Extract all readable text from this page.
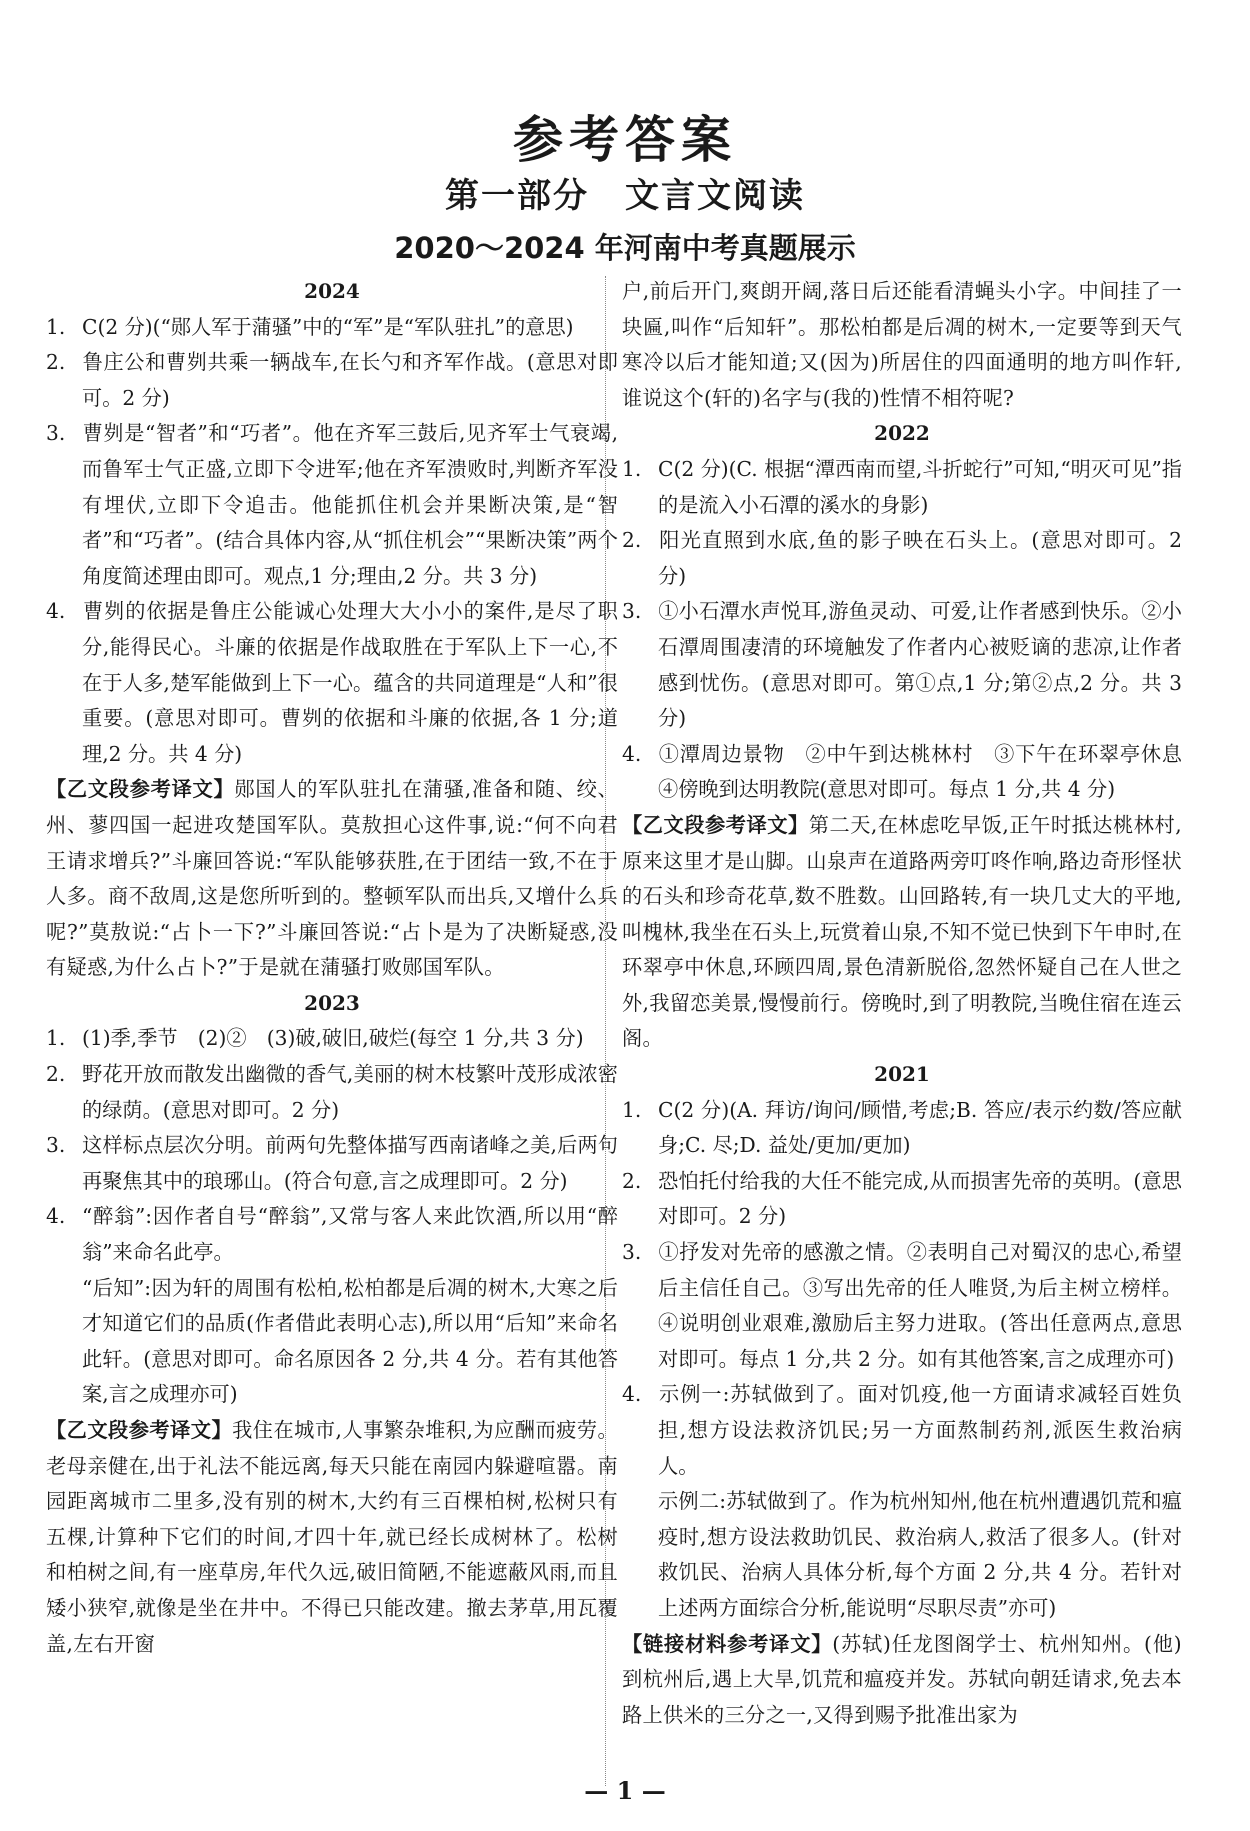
参考答案
第一部分　文言文阅读
2020～2024 年河南中考真题展示
2024
1. C(2 分)(“郧人军于蒲骚”中的“军”是“军队驻扎”的意思)
2. 鲁庄公和曹刿共乘一辆战车,在长勺和齐军作战。(意思对即可。2 分)
3. 曹刿是“智者”和“巧者”。他在齐军三鼓后,见齐军士气衰竭,而鲁军士气正盛,立即下令进军;他在齐军溃败时,判断齐军没有埋伏,立即下令追击。他能抓住机会并果断决策,是“智者”和“巧者”。(结合具体内容,从“抓住机会”“果断决策”两个角度简述理由即可。观点,1 分;理由,2 分。共 3 分)
4. 曹刿的依据是鲁庄公能诚心处理大大小小的案件,是尽了职分,能得民心。斗廉的依据是作战取胜在于军队上下一心,不在于人多,楚军能做到上下一心。蕴含的共同道理是“人和”很重要。(意思对即可。曹刿的依据和斗廉的依据,各 1 分;道理,2 分。共 4 分)
【乙文段参考译文】郧国人的军队驻扎在蒲骚,准备和随、绞、州、蓼四国一起进攻楚国军队。莫敖担心这件事,说:“何不向君王请求增兵?”斗廉回答说:“军队能够获胜,在于团结一致,不在于人多。商不敌周,这是您所听到的。整顿军队而出兵,又增什么兵呢?”莫敖说:“占卜一下?”斗廉回答说:“占卜是为了决断疑惑,没有疑惑,为什么占卜?”于是就在蒲骚打败郧国军队。
2023
1. (1)季,季节　(2)②　(3)破,破旧,破烂(每空 1 分,共 3 分)
2. 野花开放而散发出幽微的香气,美丽的树木枝繁叶茂形成浓密的绿荫。(意思对即可。2 分)
3. 这样标点层次分明。前两句先整体描写西南诸峰之美,后两句再聚焦其中的琅琊山。(符合句意,言之成理即可。2 分)
4. “醉翁”:因作者自号“醉翁”,又常与客人来此饮酒,所以用“醉翁”来命名此亭。
“后知”:因为轩的周围有松柏,松柏都是后凋的树木,大寒之后才知道它们的品质(作者借此表明心志),所以用“后知”来命名此轩。(意思对即可。命名原因各 2 分,共 4 分。若有其他答案,言之成理亦可)
【乙文段参考译文】我住在城市,人事繁杂堆积,为应酬而疲劳。老母亲健在,出于礼法不能远离,每天只能在南园内躲避喧嚣。南园距离城市二里多,没有别的树木,大约有三百棵柏树,松树只有五棵,计算种下它们的时间,才四十年,就已经长成树林了。松树和柏树之间,有一座草房,年代久远,破旧简陋,不能遮蔽风雨,而且矮小狭窄,就像是坐在井中。不得已只能改建。撤去茅草,用瓦覆盖,左右开窗
户,前后开门,爽朗开阔,落日后还能看清蝇头小字。中间挂了一块匾,叫作“后知轩”。那松柏都是后凋的树木,一定要等到天气寒冷以后才能知道;又(因为)所居住的四面通明的地方叫作轩,谁说这个(轩的)名字与(我的)性情不相符呢?
2022
1. C(2 分)(C. 根据“潭西南而望,斗折蛇行”可知,“明灭可见”指的是流入小石潭的溪水的身影)
2. 阳光直照到水底,鱼的影子映在石头上。(意思对即可。2 分)
3. ①小石潭水声悦耳,游鱼灵动、可爱,让作者感到快乐。②小石潭周围凄清的环境触发了作者内心被贬谪的悲凉,让作者感到忧伤。(意思对即可。第①点,1 分;第②点,2 分。共 3 分)
4. ①潭周边景物　②中午到达桃林村　③下午在环翠亭休息　④傍晚到达明教院(意思对即可。每点 1 分,共 4 分)
【乙文段参考译文】第二天,在林虑吃早饭,正午时抵达桃林村,原来这里才是山脚。山泉声在道路两旁叮咚作响,路边奇形怪状的石头和珍奇花草,数不胜数。山回路转,有一块几丈大的平地,叫槐林,我坐在石头上,玩赏着山泉,不知不觉已快到下午申时,在环翠亭中休息,环顾四周,景色清新脱俗,忽然怀疑自己在人世之外,我留恋美景,慢慢前行。傍晚时,到了明教院,当晚住宿在连云阁。
2021
1. C(2 分)(A. 拜访/询问/顾惜,考虑;B. 答应/表示约数/答应献身;C. 尽;D. 益处/更加/更加)
2. 恐怕托付给我的大任不能完成,从而损害先帝的英明。(意思对即可。2 分)
3. ①抒发对先帝的感激之情。②表明自己对蜀汉的忠心,希望后主信任自己。③写出先帝的任人唯贤,为后主树立榜样。④说明创业艰难,激励后主努力进取。(答出任意两点,意思对即可。每点 1 分,共 2 分。如有其他答案,言之成理亦可)
4. 示例一:苏轼做到了。面对饥疫,他一方面请求减轻百姓负担,想方设法救济饥民;另一方面熬制药剂,派医生救治病人。
示例二:苏轼做到了。作为杭州知州,他在杭州遭遇饥荒和瘟疫时,想方设法救助饥民、救治病人,救活了很多人。(针对救饥民、治病人具体分析,每个方面 2 分,共 4 分。若针对上述两方面综合分析,能说明“尽职尽责”亦可)
【链接材料参考译文】(苏轼)任龙图阁学士、杭州知州。(他)到杭州后,遇上大旱,饥荒和瘟疫并发。苏轼向朝廷请求,免去本路上供米的三分之一,又得到赐予批准出家为
— 1 —
